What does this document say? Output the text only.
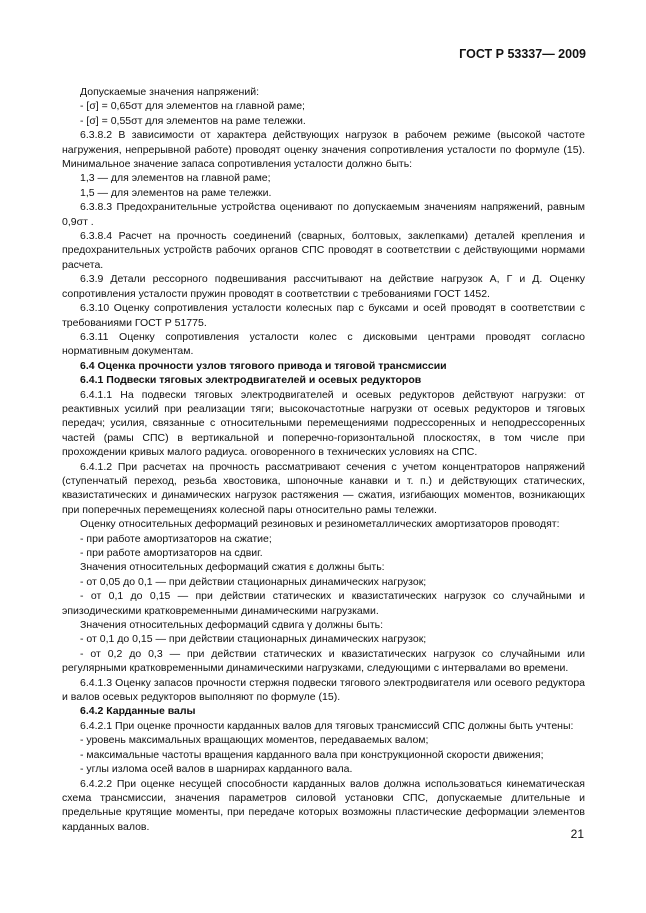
ГОСТ Р 53337— 2009

Допускаемые значения напряжений:

- [σ] = 0,65σт для элементов на главной раме;

- [σ] = 0,55σт для элементов на раме тележки.

6.3.8.2 В зависимости от характера действующих нагрузок в рабочем режиме (высокой частоте нагружения, непрерывной работе) проводят оценку значения сопротивления усталости по формуле (15). Минимальное значение запаса сопротивления усталости должно быть:

1,3 — для элементов на главной раме;

1,5 — для элементов на раме тележки.

6.3.8.3 Предохранительные устройства оценивают по допускаемым значениям напряжений, равным 0,9σт .

6.3.8.4 Расчет на прочность соединений (сварных, болтовых, заклепками) деталей крепления и предохранительных устройств рабочих органов СПС проводят в соответствии с действующими нормами расчета.

6.3.9 Детали рессорного подвешивания рассчитывают на действие нагрузок А, Г и Д. Оценку сопротивления усталости пружин проводят в соответствии с требованиями ГОСТ 1452.

6.3.10 Оценку сопротивления усталости колесных пар с буксами и осей проводят в соответствии с требованиями ГОСТ Р 51775.

6.3.11 Оценку сопротивления усталости колес с дисковыми центрами проводят согласно нормативным документам.

6.4 Оценка прочности узлов тягового привода и тяговой трансмиссии

6.4.1 Подвески тяговых электродвигателей и осевых редукторов

6.4.1.1 На подвески тяговых электродвигателей и осевых редукторов действуют нагрузки: от реактивных усилий при реализации тяги; высокочастотные нагрузки от осевых редукторов и тяговых передач; усилия, связанные с относительными перемещениями подрессоренных и неподрессоренных частей (рамы СПС) в вертикальной и поперечно-горизонтальной плоскостях, в том числе при прохождении кривых малого радиуса. оговоренного в технических условиях на СПС.

6.4.1.2 При расчетах на прочность рассматривают сечения с учетом концентраторов напряжений (ступенчатый переход, резьба хвостовика, шпоночные канавки и т. п.) и действующих статических, квазистатических и динамических нагрузок растяжения — сжатия, изгибающих моментов, возникающих при поперечных перемещениях колесной пары относительно рамы тележки.

Оценку относительных деформаций резиновых и резинометаллических амортизаторов проводят:

- при работе амортизаторов на сжатие;

- при работе амортизаторов на сдвиг.

Значения относительных деформаций сжатия ε должны быть:

- от 0,05 до 0,1 — при действии стационарных динамических нагрузок;

- от 0,1 до 0,15 — при действии статических и квазистатических нагрузок со случайными и эпизодическими кратковременными динамическими нагрузками.

Значения относительных деформаций сдвига γ должны быть:

- от 0,1 до 0,15 — при действии стационарных динамических нагрузок;

- от 0,2 до 0,3 — при действии статических и квазистатических нагрузок со случайными или регулярными кратковременными динамическими нагрузками, следующими с интервалами во времени.

6.4.1.3 Оценку запасов прочности стержня подвески тягового электродвигателя или осевого редуктора и валов осевых редукторов выполняют по формуле (15).

6.4.2 Карданные валы

6.4.2.1 При оценке прочности карданных валов для тяговых трансмиссий СПС должны быть учтены:

- уровень максимальных вращающих моментов, передаваемых валом;

- максимальные частоты вращения карданного вала при конструкционной скорости движения;

- углы излома осей валов в шарнирах карданного вала.

6.4.2.2 При оценке несущей способности карданных валов должна использоваться кинематическая схема трансмиссии, значения параметров силовой установки СПС, допускаемые длительные и предельные крутящие моменты, при передаче которых возможны пластические деформации элементов карданных валов.

21
